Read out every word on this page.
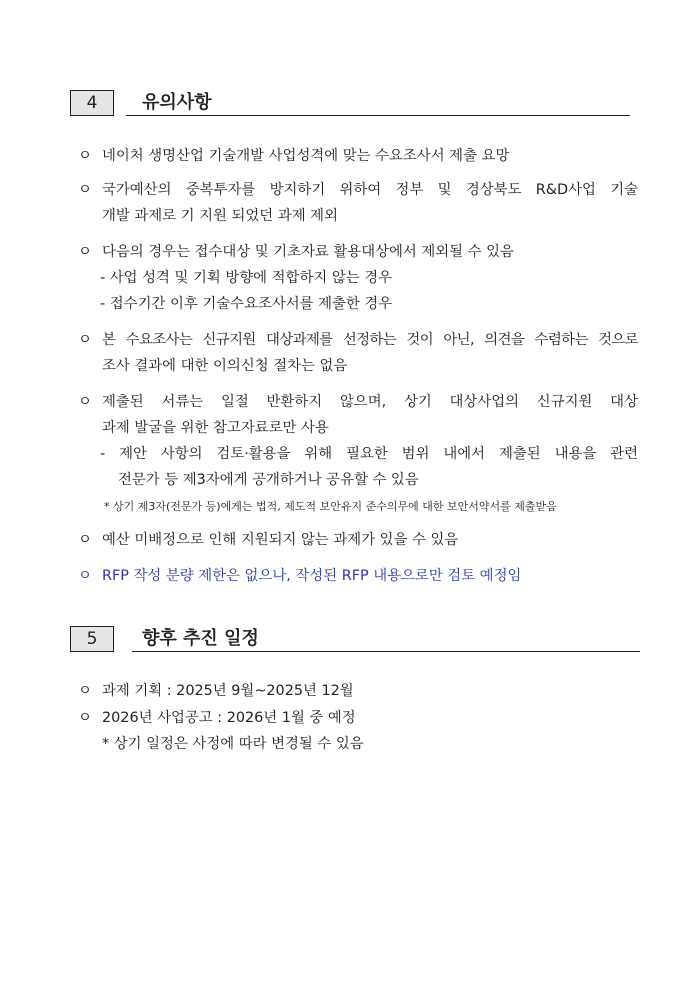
4	유의사항
ㅇ 네이처 생명산업 기술개발 사업성격에 맞는 수요조사서 제출 요망
ㅇ 국가예산의 중복투자를 방지하기 위하여 정부 및 경상북도 R&D사업 기술
개발 과제로 기 지원 되었던 과제 제외
ㅇ 다음의 경우는 접수대상 및 기초자료 활용대상에서 제외될 수 있음
- 사업 성격 및 기획 방향에 적합하지 않는 경우
- 접수기간 이후 기술수요조사서를 제출한 경우
ㅇ 본 수요조사는 신규지원 대상과제를 선정하는 것이 아닌, 의견을 수렴하는 것으로
조사 결과에 대한 이의신청 절차는 없음
ㅇ 제출된 서류는 일절 반환하지 않으며, 상기 대상사업의 신규지원 대상
과제 발굴을 위한 참고자료로만 사용
- 제안 사항의 검토·활용을 위해 필요한 범위 내에서 제출된 내용을 관련
전문가 등 제3자에게 공개하거나 공유할 수 있음
* 상기 제3자(전문가 등)에게는 법적, 제도적 보안유지 준수의무에 대한 보안서약서를 제출받음
ㅇ 예산 미배정으로 인해 지원되지 않는 과제가 있을 수 있음
ㅇ RFP 작성 분량 제한은 없으나, 작성된 RFP 내용으로만 검토 예정임
5	향후 추진 일정
ㅇ 과제 기획 : 2025년 9월~2025년 12월
ㅇ 2026년 사업공고 : 2026년 1월 중 예정
* 상기 일정은 사정에 따라 변경될 수 있음
